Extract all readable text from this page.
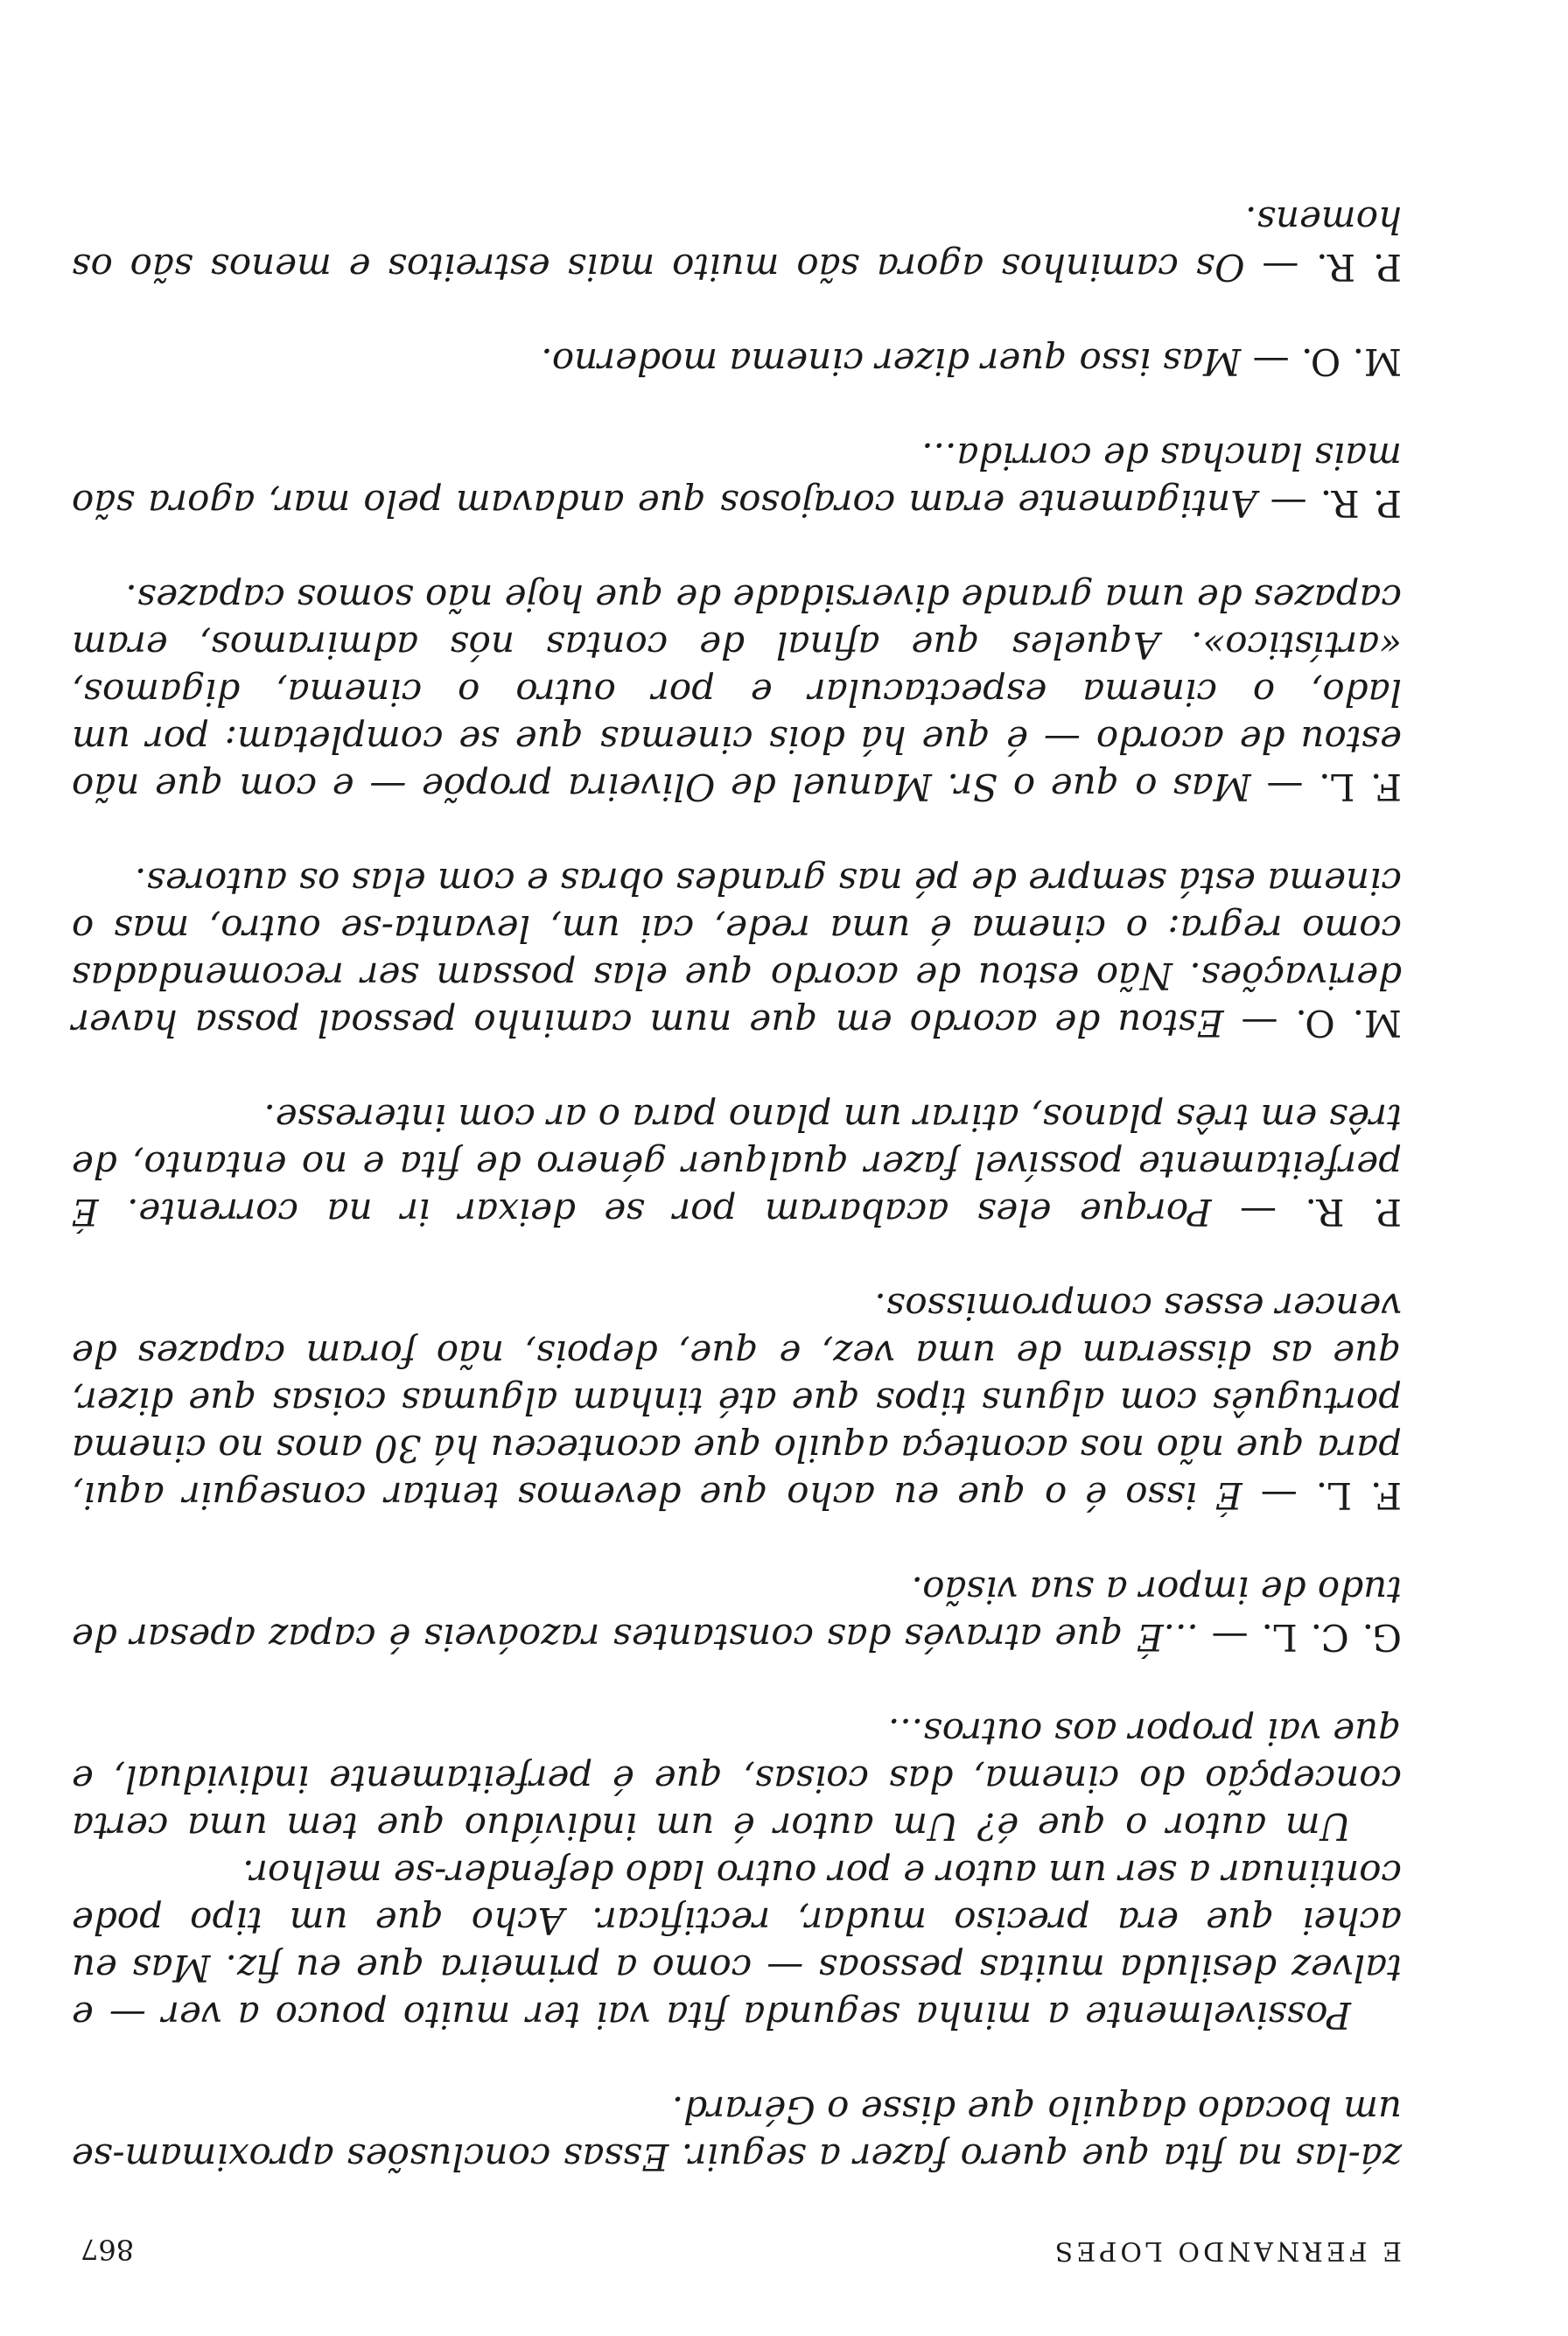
E FERNANDO LOPES
867

zá-las na fita que quero fazer a seguir. Essas conclusões aproximam-se um bocado daquilo que disse o Gérard.

Possivelmente a minha segunda fita vai ter muito pouco a ver — e talvez desiluda muitas pessoas — como a primeira que eu fiz. Mas eu achei que era preciso mudar, rectificar. Acho que um tipo pode continuar a ser um autor e por outro lado defender-se melhor.

Um autor o que é? Um autor é um indivíduo que tem uma certa concepção do cinema, das coisas, que é perfeitamente individual, e que vai propor aos outros...

G. C. L. — ...É que através das constantes razoáveis é capaz apesar de tudo de impor a sua visão.

F. L. — É isso é o que eu acho que devemos tentar conseguir aqui, para que não nos aconteça aquilo que aconteceu há 30 anos no cinema português com alguns tipos que até tinham algumas coisas que dizer, que as disseram de uma vez, e que, depois, não foram capazes de vencer esses compromissos.

P. R. — Porque eles acabaram por se deixar ir na corrente. É perfeitamente possível fazer qualquer género de fita e no entanto, de três em três planos, atirar um plano para o ar com interesse.

M. O. — Estou de acordo em que num caminho pessoal possa haver derivações. Não estou de acordo que elas possam ser recomendadas como regra: o cinema é uma rede, cai um, levanta-se outro, mas o cinema está sempre de pé nas grandes obras e com elas os autores.

F. L. — Mas o que o Sr. Manuel de Oliveira propõe — e com que não estou de acordo — é que há dois cinemas que se completam: por um lado, o cinema espectacular e por outro o cinema, digamos, «artístico». Aqueles que afinal de contas nós admiramos, eram capazes de uma grande diversidade de que hoje não somos capazes.

P. R. — Antigamente eram corajosos que andavam pelo mar, agora são mais lanchas de corrida...

M. O. — Mas isso quer dizer cinema moderno.

P. R. — Os caminhos agora são muito mais estreitos e menos são os homens.
